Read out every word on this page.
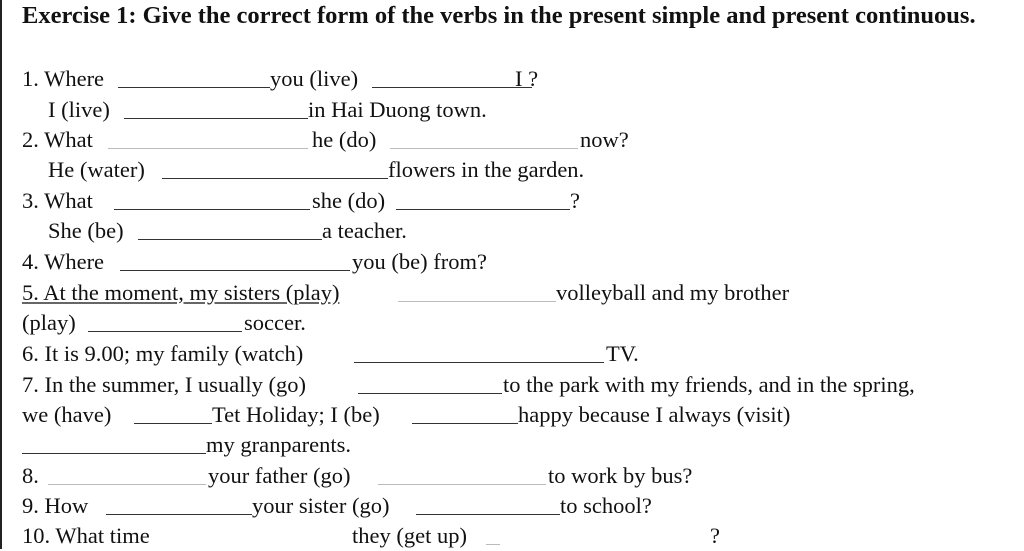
Exercise 1: Give the correct form of the verbs in the present simple and present continuous.
1. Where	you (live)	I ?
I (live)	in Hai Duong town.
2. What	he (do)	now?
He (water)	flowers in the garden.
3. What	she (do)	?
She (be)	a teacher.
4. Where	you (be) from?
5. At the moment, my sisters (play)	volleyball and my brother
(play)	soccer.
6. It is 9.00; my family (watch)	TV.
7. In the summer, I usually (go)	to the park with my friends, and in the spring,
we (have)	Tet Holiday; I (be)	happy because I always (visit)
my granparents.
8.	your father (go)	to work by bus?
9. How	your sister (go)	to school?
10. What time	they (get up)	?
